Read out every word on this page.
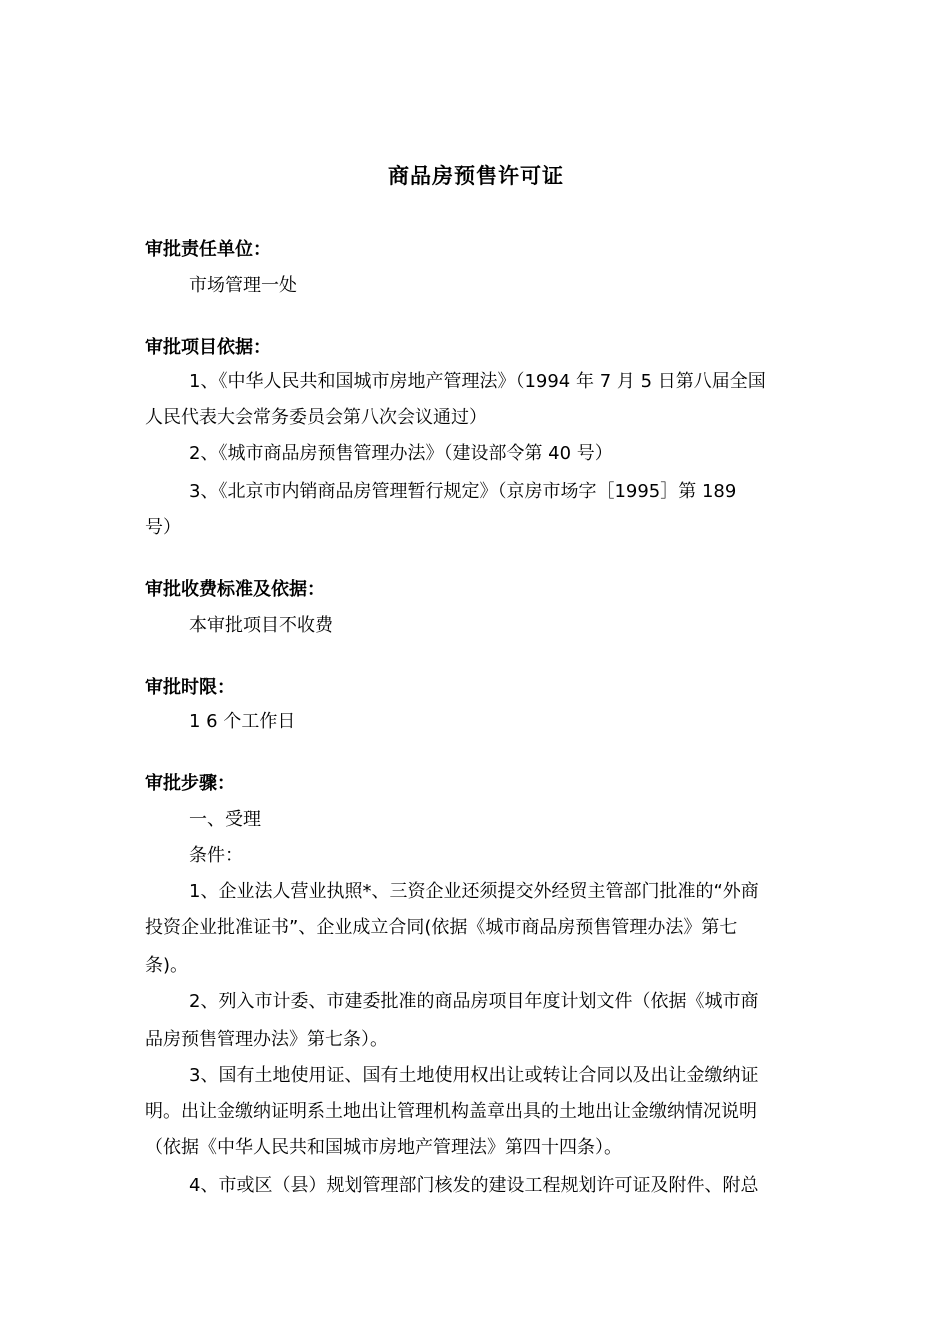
商品房预售许可证
审批责任单位：
市场管理一处
审批项目依据：
1、《中华人民共和国城市房地产管理法》（1994 年 7 月 5 日第八届全国
人民代表大会常务委员会第八次会议通过）
2、《城市商品房预售管理办法》（建设部令第 40 号）
3、《北京市内销商品房管理暂行规定》（京房市场字［1995］第 189
号）
审批收费标准及依据：
本审批项目不收费
审批时限：
1 6 个工作日
审批步骤：
一、受理
条件：
1、企业法人营业执照*、三资企业还须提交外经贸主管部门批准的“外商
投资企业批准证书”、企业成立合同(依据《城市商品房预售管理办法》第七
条)。
2、列入市计委、市建委批准的商品房项目年度计划文件（依据《城市商
品房预售管理办法》第七条）。
3、国有土地使用证、国有土地使用权出让或转让合同以及出让金缴纳证
明。出让金缴纳证明系土地出让管理机构盖章出具的土地出让金缴纳情况说明
（依据《中华人民共和国城市房地产管理法》第四十四条）。
4、市或区（县）规划管理部门核发的建设工程规划许可证及附件、附总
